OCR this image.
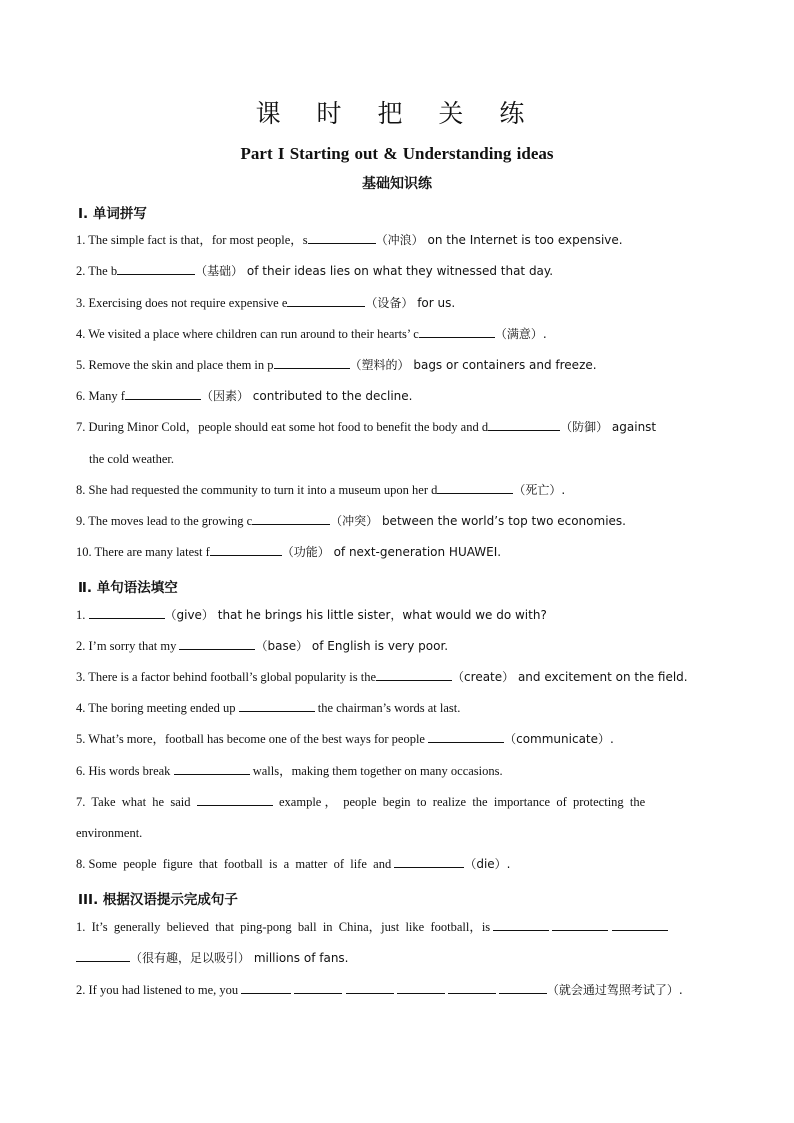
课 时 把 关 练
Part I Starting out & Understanding ideas
基础知识练
Ⅰ. 单词拼写
1. The simple fact is that，for most people，s	（冲浪） on the Internet is too expensive.
2. The b	（基础） of their ideas lies on what they witnessed that day.
3. Exercising does not require expensive e	（设备） for us.
4. We visited a place where children can run around to their hearts’ c	（满意）.
5. Remove the skin and place them in p	（塑料的） bags or containers and freeze.
6. Many f	（因素） contributed to the decline.
7. During Minor Cold，people should eat some hot food to benefit the body and d	（防御） against
the cold weather.
8. She had requested the community to turn it into a museum upon her d	（死亡）.
9. The moves lead to the growing c	（冲突） between the world’s top two economies.
10. There are many latest f	（功能） of next-generation HUAWEI.
Ⅱ. 单句语法填空
1.	（give） that he brings his little sister，what would we do with?
2. I’m sorry that my	（base） of English is very poor.
3. There is a factor behind football’s global popularity is the	（create） and excitement on the field.
4. The boring meeting ended up	the chairman’s words at last.
5. What’s more，football has become one of the best ways for people	（communicate）.
6. His words break	walls，making them together on many occasions.
7.  Take  what  he  said	example ，  people  begin  to  realize  the  importance  of  protecting  the
environment.
8. Some  people  figure  that  football  is  a  matter  of  life  and	（die）.
III. 根据汉语提示完成句子
1.  It’s  generally  believed  that  ping-pong  ball  in  China，just  like  football，is
（很有趣，足以吸引） millions of fans.
2. If you had listened to me, you	（就会通过驾照考试了）.
